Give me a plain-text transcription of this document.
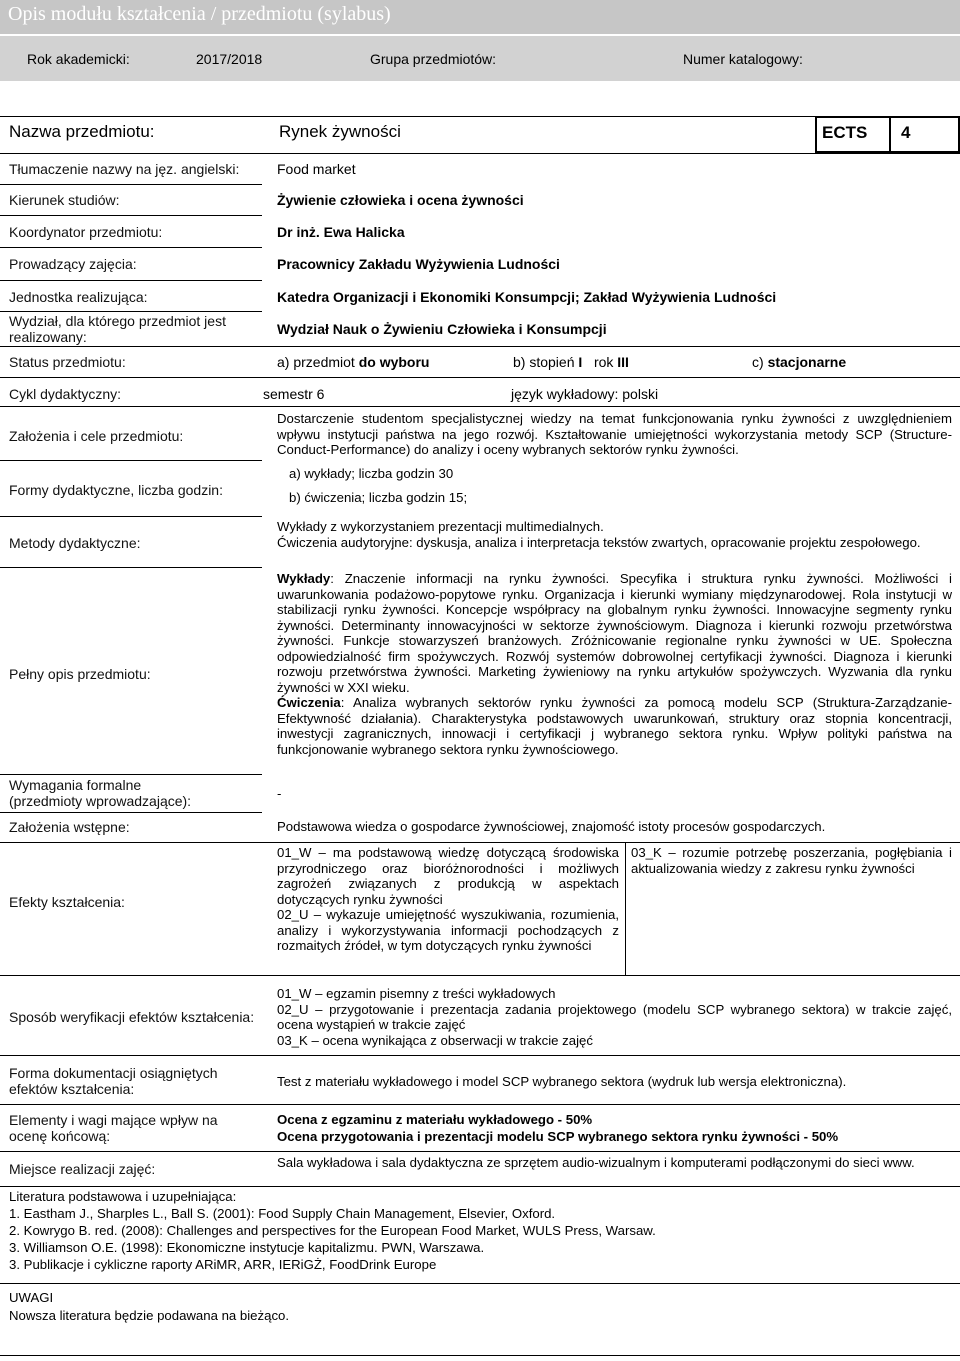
Opis modułu kształcenia / przedmiotu (sylabus)
Rok akademicki:	2017/2018	Grupa przedmiotów:	Numer katalogowy:
Nazwa przedmiotu:	Rynek żywności	ECTS 4
Tłumaczenie nazwy na jęz. angielski:	Food market
Kierunek studiów:	Żywienie człowieka i ocena żywności
Koordynator przedmiotu:	Dr inż. Ewa Halicka
Prowadzący zajęcia:	Pracownicy Zakładu Wyżywienia Ludności
Jednostka realizująca:	Katedra Organizacji i Ekonomiki Konsumpcji; Zakład Wyżywienia Ludności
Wydział, dla którego przedmiot jest
realizowany:	Wydział Nauk o Żywieniu Człowieka i Konsumpcji
Status przedmiotu:	a) przedmiot do wyboru	b) stopień I rok III	c) stacjonarne
Cykl dydaktyczny:	semestr 6	język wykładowy: polski
Założenia i cele przedmiotu:
Dostarczenie studentom specjalistycznej wiedzy na temat funkcjonowania rynku żywności z uwzględnieniem wpływu instytucji państwa na jego rozwój. Kształtowanie umiejętności wykorzystania metody SCP (Structure-Conduct-Performance) do analizy i oceny wybranych sektorów rynku żywności.
Formy dydaktyczne, liczba godzin:
a) wykłady; liczba godzin 30
b) ćwiczenia; liczba godzin 15;
Metody dydaktyczne:

Wykłady z wykorzystaniem prezentacji multimedialnych.

Ćwiczenia audytoryjne: dyskusja, analiza i interpretacja tekstów zwartych, opracowanie projektu zespołowego.

Pełny opis przedmiotu:

Wykłady: Znaczenie informacji na rynku żywności. Specyfika i struktura rynku żywności. Możliwości i uwarunkowania podażowo-popytowe rynku. Organizacja i kierunki wymiany międzynarodowej. Rola instytucji w stabilizacji rynku żywności. Koncepcje współpracy na globalnym rynku żywności. Innowacyjne segmenty rynku żywności. Determinanty innowacyjności w sektorze żywnościowym. Diagnoza i kierunki rozwoju przetwórstwa żywności. Funkcje stowarzyszeń branżowych. Zróżnicowanie regionalne rynku żywności w UE. Społeczna odpowiedzialność firm spożywczych. Rozwój systemów dobrowolnej certyfikacji żywności. Diagnoza i kierunki rozwoju przetwórstwa żywności. Marketing żywieniowy na rynku artykułów spożywczych. Wyzwania dla rynku żywności w XXI wieku.

Ćwiczenia: Analiza wybranych sektorów rynku żywności za pomocą modelu SCP (Struktura-Zarządzanie-Efektywność działania). Charakterystyka podstawowych uwarunkowań, struktury oraz stopnia koncentracji, inwestycji zagranicznych, innowacji i certyfikacji j wybranego sektora rynku. Wpływ polityki państwa na funkcjonowanie wybranego sektora rynku żywnościowego.

Wymagania formalne
(przedmioty wprowadzające):	-
Założenia wstępne:	Podstawowa wiedza o gospodarce żywnościowej, znajomość istoty procesów gospodarczych.
Efekty kształcenia:
01_W – ma podstawową wiedzę dotyczącą środowiska przyrodniczego oraz bioróżnorodności i możliwych zagrożeń związanych z produkcją w aspektach dotyczących rynku żywności
02_U – wykazuje umiejętność wyszukiwania, rozumienia, analizy i wykorzystywania informacji pochodzących z rozmaitych źródeł, w tym dotyczących rynku żywności
03_K – rozumie potrzebę poszerzania, pogłębiania i aktualizowania wiedzy z zakresu rynku żywności
Sposób weryfikacji efektów kształcenia:

01_W – egzamin pisemny z treści wykładowych

02_U – przygotowanie i prezentacja zadania projektowego (modelu SCP wybranego sektora) w trakcie zajęć, ocena wystąpień w trakcie zajęć

03_K – ocena wynikająca z obserwacji w trakcie zajęć

Forma dokumentacji osiągniętych
efektów kształcenia:	Test z materiału wykładowego i model SCP wybranego sektora (wydruk lub wersja elektroniczna).
Elementy i wagi mające wpływ na
ocenę końcową:
Ocena z egzaminu z materiału wykładowego - 50%
Ocena przygotowania i prezentacji modelu SCP wybranego sektora rynku żywności - 50%
Miejsce realizacji zajęć:	Sala wykładowa i sala dydaktyczna ze sprzętem audio-wizualnym i komputerami podłączonymi do sieci www.
Literatura podstawowa i uzupełniająca:
1. Eastham J., Sharples L., Ball S. (2001): Food Supply Chain Management, Elsevier, Oxford.
2. Kowrygo B. red. (2008): Challenges and perspectives for the European Food Market, WULS Press, Warsaw.
3. Williamson O.E. (1998): Ekonomiczne instytucje kapitalizmu. PWN, Warszawa.
3. Publikacje i cykliczne raporty ARiMR, ARR, IERiGŻ, FoodDrink Europe
UWAGI
Nowsza literatura będzie podawana na bieżąco.
